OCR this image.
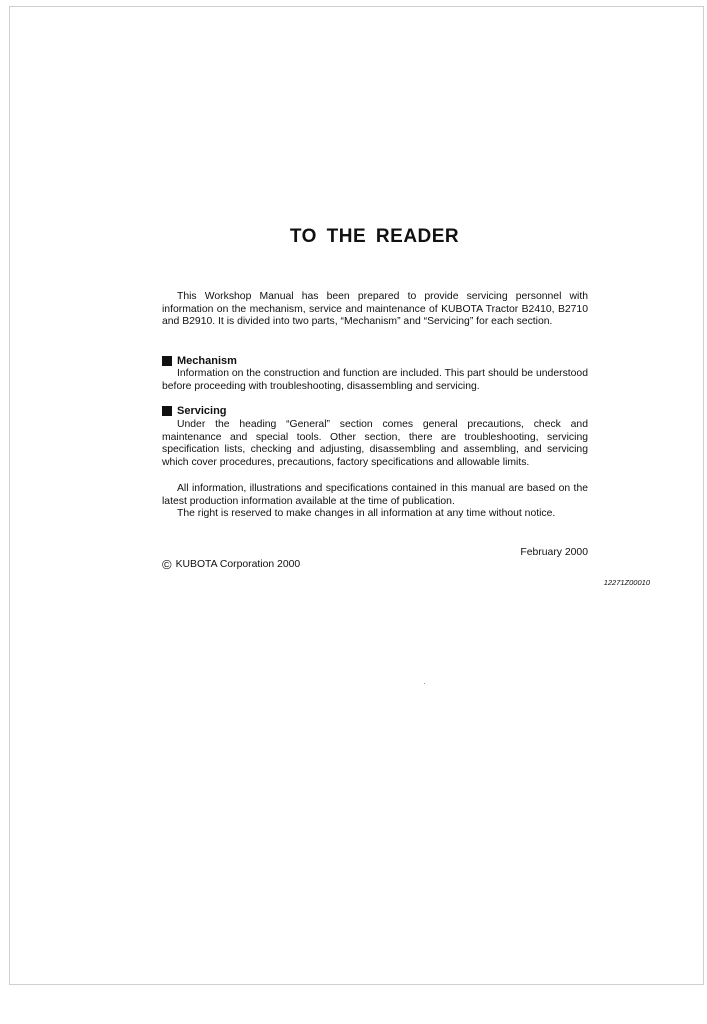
TO THE READER
This Workshop Manual has been prepared to provide servicing personnel with information on the mechanism, service and maintenance of KUBOTA Tractor B2410, B2710 and B2910. It is divided into two parts, “Mechanism” and “Servicing” for each section.
Mechanism
Information on the construction and function are included. This part should be understood before proceeding with troubleshooting, disassembling and servicing.
Servicing
Under the heading “General” section comes general precautions, check and maintenance and special tools. Other section, there are troubleshooting, servicing specification lists, checking and adjusting, disassembling and assembling, and servicing which cover procedures, precautions, factory specifications and allowable limits.
All information, illustrations and specifications contained in this manual are based on the latest production information available at the time of publication.
The right is reserved to make changes in all information at any time without notice.
February 2000
© KUBOTA Corporation 2000
12271Z00010
